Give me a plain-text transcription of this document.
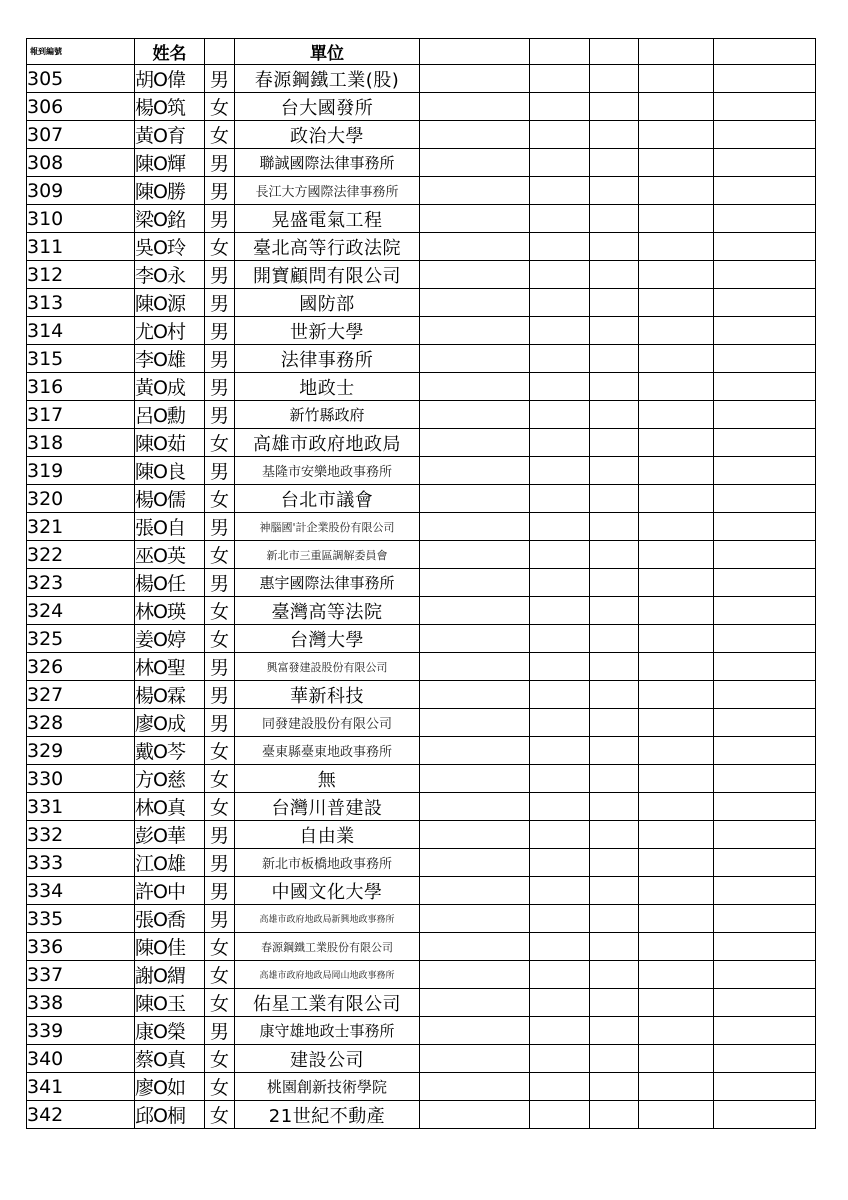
報到編號	姓名		單位					
305	胡O偉	男	春源鋼鐵工業(股)					
306	楊O筑	女	台大國發所					
307	黃O育	女	政治大學					
308	陳O輝	男	聯誠國際法律事務所					
309	陳O勝	男	長江大方國際法律事務所					
310	梁O銘	男	晃盛電氣工程					
311	吳O玲	女	臺北高等行政法院					
312	李O永	男	開寶顧問有限公司					
313	陳O源	男	國防部					
314	尤O村	男	世新大學					
315	李O雄	男	法律事務所					
316	黃O成	男	地政士					
317	呂O勳	男	新竹縣政府					
318	陳O茹	女	高雄市政府地政局					
319	陳O良	男	基隆市安樂地政事務所					
320	楊O儒	女	台北市議會					
321	張O自	男	神腦國'計企業股份有限公司					
322	巫O英	女	新北市三重區調解委員會					
323	楊O任	男	惠宇國際法律事務所					
324	林O瑛	女	臺灣高等法院					
325	姜O婷	女	台灣大學					
326	林O聖	男	興富發建設股份有限公司					
327	楊O霖	男	華新科技					
328	廖O成	男	同發建設股份有限公司					
329	戴O芩	女	臺東縣臺東地政事務所					
330	方O慈	女	無					
331	林O真	女	台灣川普建設					
332	彭O華	男	自由業					
333	江O雄	男	新北市板橋地政事務所					
334	許O中	男	中國文化大學					
335	張O喬	男	高雄市政府地政局新興地政事務所					
336	陳O佳	女	春源鋼鐵工業股份有限公司					
337	謝O緭	女	高雄市政府地政局岡山地政事務所					
338	陳O玉	女	佑星工業有限公司					
339	康O榮	男	康守雄地政士事務所					
340	蔡O真	女	建設公司					
341	廖O如	女	桃園創新技術學院					
342	邱O桐	女	21世紀不動產					
